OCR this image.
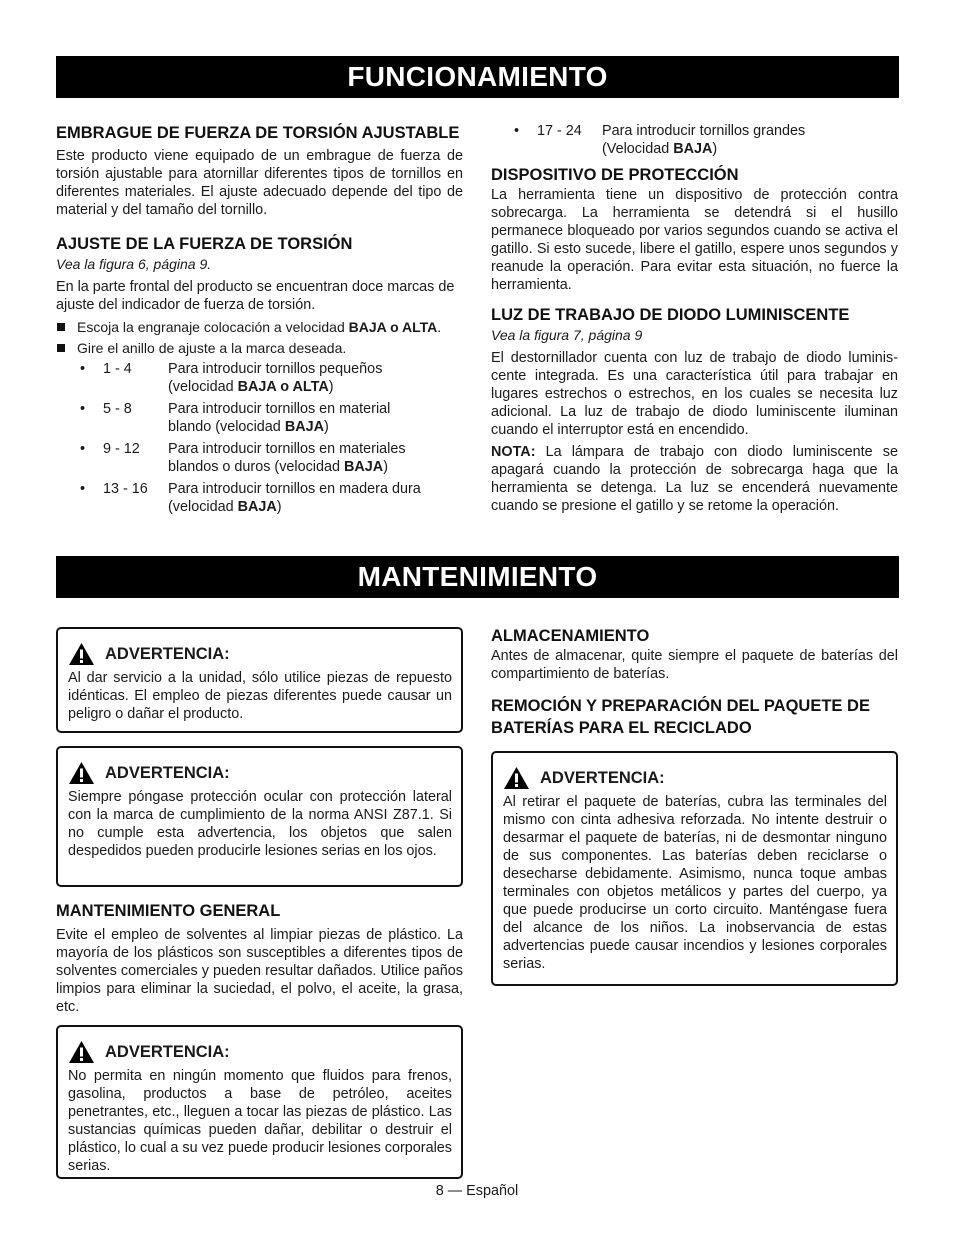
FUNCIONAMIENTO
EMBRAGUE DE FUERZA DE TORSIÓN AJUSTABLE

Este producto viene equipado de un embrague de fuerza de torsión ajustable para atornillar diferentes tipos de tornillos en diferentes materiales. El ajuste adecuado depende del tipo de material y del tamaño del tornillo.

AJUSTE DE LA FUERZA DE TORSIÓN

Vea la figura 6, página 9.

En la parte frontal del producto se encuentran doce marcas de ajuste del indicador de fuerza de torsión.

Escoja la engranaje colocación a velocidad BAJA o ALTA.
Gire el anillo de ajuste a la marca deseada.
• 1 - 4	Para introducir tornillos pequeños
(velocidad BAJA o ALTA)
• 5 - 8	Para introducir tornillos en material
blando (velocidad BAJA)
• 9 - 12 Para introducir tornillos en materiales
blandos o duros (velocidad BAJA)
• 13 - 16 Para introducir tornillos en madera dura
(velocidad BAJA)
• 17 - 24 Para introducir tornillos grandes
(Velocidad BAJA)
DISPOSITIVO DE PROTECCIÓN

La herramienta tiene un dispositivo de protección contra sobrecarga. La herramienta se detendrá si el husillo permanece bloqueado por varios segundos cuando se activa el gatillo. Si esto sucede, libere el gatillo, espere unos segundos y reanude la operación. Para evitar esta situación, no fuerce la herramienta.

LUZ DE TRABAJO DE DIODO LUMINISCENTE

Vea la figura 7, página 9

El destornillador cuenta con luz de trabajo de diodo luminis-cente integrada. Es una característica útil para trabajar en lugares estrechos o estrechos, en los cuales se necesita luz adicional. La luz de trabajo de diodo luminiscente iluminan cuando el interruptor está en encendido.

NOTA: La lámpara de trabajo con diodo luminiscente se apagará cuando la protección de sobrecarga haga que la herramienta se detenga. La luz se encenderá nuevamente cuando se presione el gatillo y se retome la operación.

MANTENIMIENTO
ADVERTENCIA:

Al dar servicio a la unidad, sólo utilice piezas de repuesto idénticas. El empleo de piezas diferentes puede causar un peligro o dañar el producto.

ADVERTENCIA:

Siempre póngase protección ocular con protección lateral con la marca de cumplimiento de la norma ANSI Z87.1. Si no cumple esta advertencia, los objetos que salen despedidos pueden producirle lesiones serias en los ojos.

MANTENIMIENTO GENERAL

Evite el empleo de solventes al limpiar piezas de plástico. La mayoría de los plásticos son susceptibles a diferentes tipos de solventes comerciales y pueden resultar dañados. Utilice paños limpios para eliminar la suciedad, el polvo, el aceite, la grasa, etc.

ADVERTENCIA:

No permita en ningún momento que fluidos para frenos, gasolina, productos a base de petróleo, aceites penetrantes, etc., lleguen a tocar las piezas de plástico. Las sustancias químicas pueden dañar, debilitar o destruir el plástico, lo cual a su vez puede producir lesiones corporales serias.

ALMACENAMIENTO

Antes de almacenar, quite siempre el paquete de baterías del compartimiento de baterías.

REMOCIÓN Y PREPARACIÓN DEL PAQUETE DE BATERÍAS PARA EL RECICLADO
ADVERTENCIA:

Al retirar el paquete de baterías, cubra las terminales del mismo con cinta adhesiva reforzada. No intente destruir o desarmar el paquete de baterías, ni de desmontar ninguno de sus componentes. Las baterías deben reciclarse o desecharse debidamente. Asimismo, nunca toque ambas terminales con objetos metálicos y partes del cuerpo, ya que puede producirse un corto circuito. Manténgase fuera del alcance de los niños. La inobservancia de estas advertencias puede causar incendios y lesiones corporales serias.

8 — Español
